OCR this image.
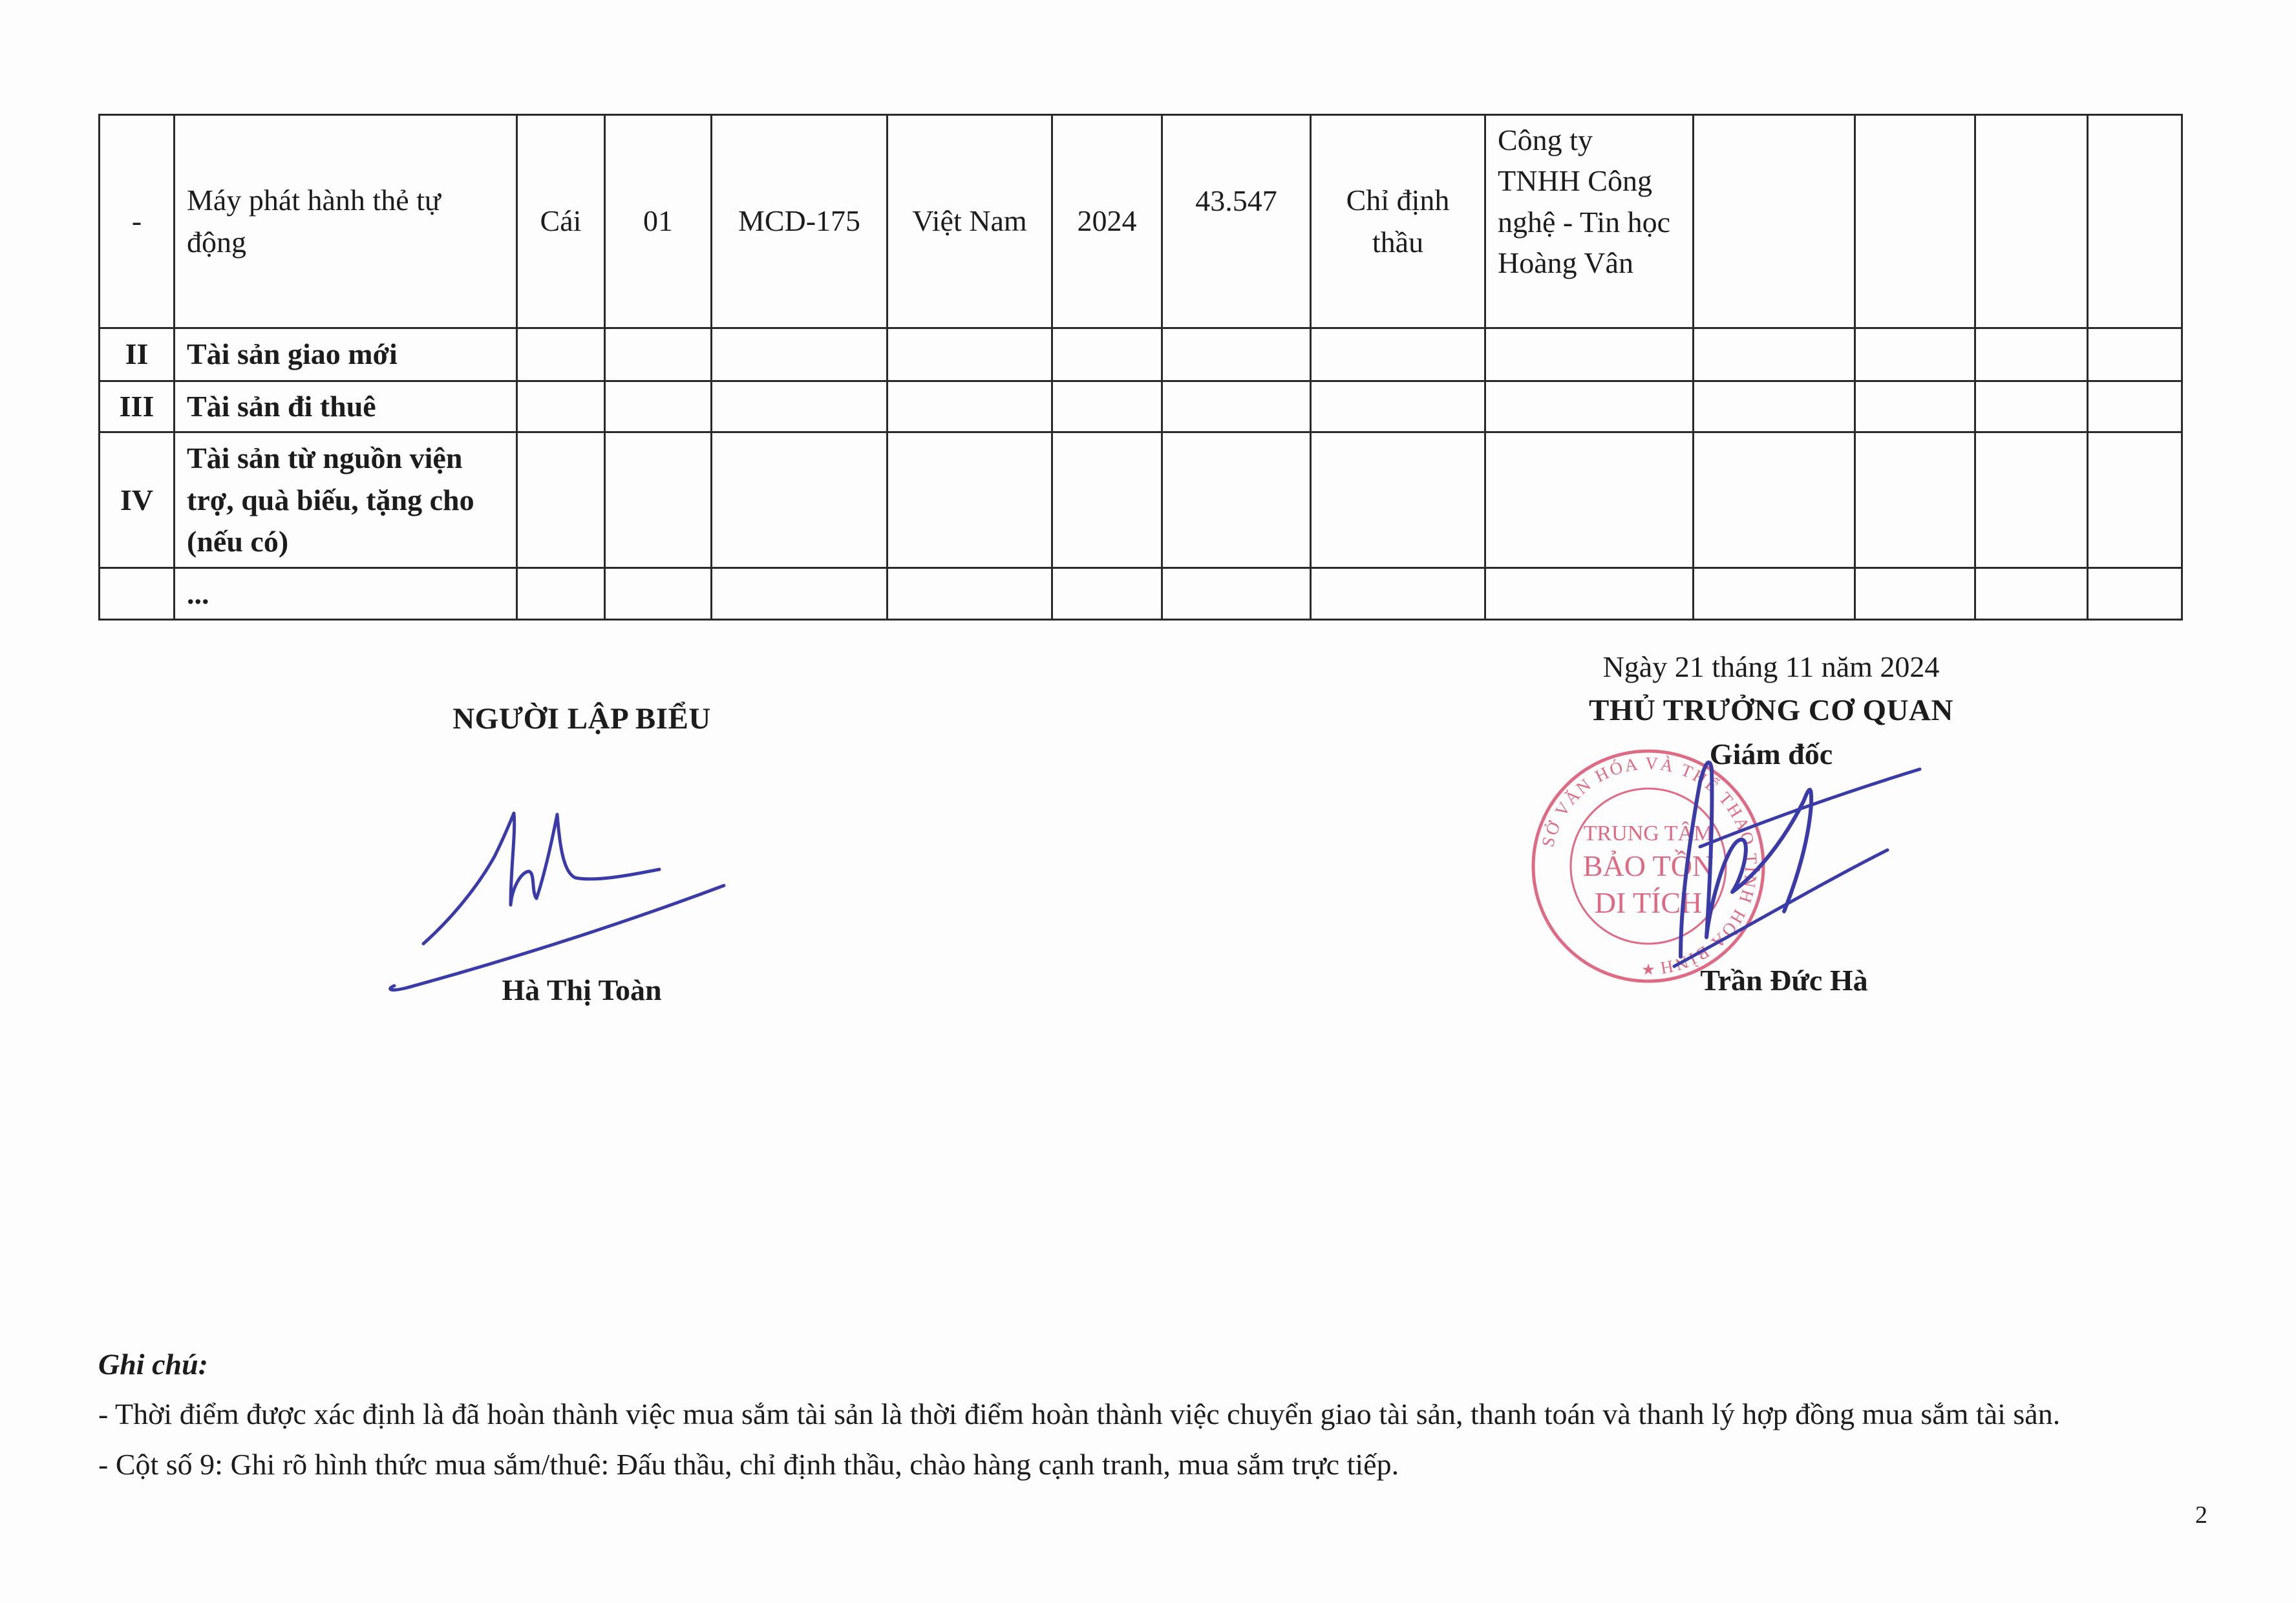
-	Máy phát hành thẻ tự động	Cái	01	MCD-175	Việt Nam	2024	43.547	Chỉ định thầu	Công ty TNHH Công nghệ - Tin học Hoàng Vân				
II	Tài sản giao mới												
III	Tài sản đi thuê												
IV	Tài sản từ nguồn viện trợ, quà biếu, tặng cho (nếu có)												
	...												
NGƯỜI LẬP BIỂU
Hà Thị Toàn
Ngày 21 tháng 11 năm 2024
THỦ TRƯỞNG CƠ QUAN
Giám đốc
Trần Đức Hà
SỞ VĂN HÓA VÀ THỂ THAO TỈNH HÒA BÌNH
TRUNG TÂM
BẢO TỒN
DI TÍCH
★

Ghi chú:

- Thời điểm được xác định là đã hoàn thành việc mua sắm tài sản là thời điểm hoàn thành việc chuyển giao tài sản, thanh toán và thanh lý hợp đồng mua sắm tài sản.

- Cột số 9: Ghi rõ hình thức mua sắm/thuê: Đấu thầu, chỉ định thầu, chào hàng cạnh tranh, mua sắm trực tiếp.

2
